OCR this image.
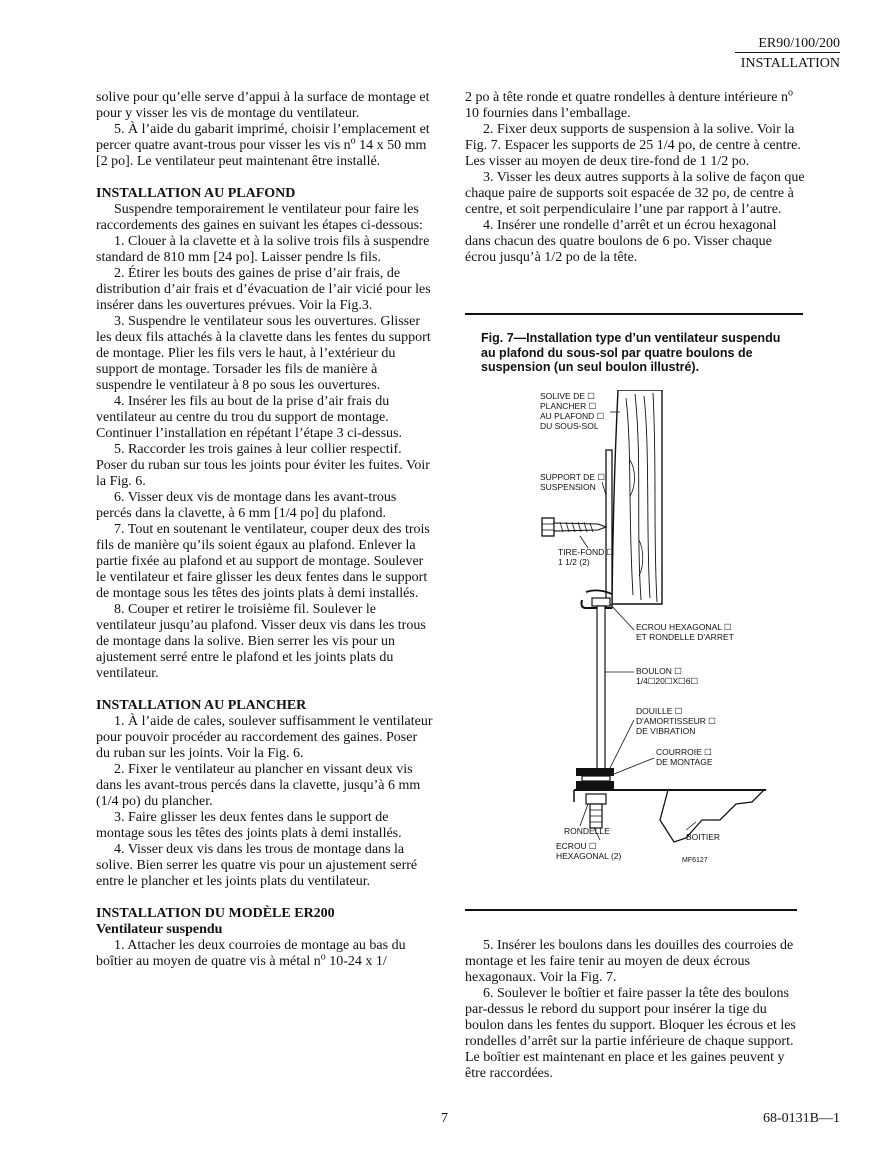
ER90/100/200
INSTALLATION

solive pour qu’elle serve d’appui à la surface de montage et pour y visser les vis de montage du ventilateur.

5. À l’aide du gabarit imprimé, choisir l’emplacement et percer quatre avant-trous pour visser les vis $n^o$ 14 x 50 mm [2 po]. Le ventilateur peut maintenant être installé.

INSTALLATION AU PLAFOND

Suspendre temporairement le ventilateur pour faire les raccordements des gaines en suivant les étapes ci-dessous:

1. Clouer à la clavette et à la solive trois fils à suspendre standard de 810 mm [24 po]. Laisser pendre ls fils.

2. Étirer les bouts des gaines de prise d’air frais, de distribution d’air frais et d’évacuation de l’air vicié pour les insérer dans les ouvertures prévues. Voir la Fig.3.

3. Suspendre le ventilateur sous les ouvertures. Glisser les deux fils attachés à la clavette dans les fentes du support de montage. Plier les fils vers le haut, à l’extérieur du support de montage. Torsader les fils de manière à suspendre le ventilateur à 8 po sous les ouvertures.

4. Insérer les fils au bout de la prise d’air frais du ventilateur au centre du trou du support de montage. Continuer l’installation en répétant l’étape 3 ci-dessus.

5. Raccorder les trois gaines à leur collier respectif. Poser du ruban sur tous les joints pour éviter les fuites. Voir la Fig. 6.

6. Visser deux vis de montage dans les avant-trous percés dans la clavette, à 6 mm [1/4 po] du plafond.

7. Tout en soutenant le ventilateur, couper deux des trois fils de manière qu’ils soient égaux au plafond. Enlever la partie fixée au plafond et au support de montage. Soulever le ventilateur et faire glisser les deux fentes dans le support de montage sous les têtes des joints plats à demi installés.

8. Couper et retirer le troisième fil. Soulever le ventilateur jusqu’au plafond. Visser deux vis dans les trous de montage dans la solive. Bien serrer les vis pour un ajustement serré entre le plafond et les joints plats du ventilateur.

INSTALLATION AU PLANCHER

1. À l’aide de cales, soulever suffisamment le ventilateur pour pouvoir procéder au raccordement des gaines. Poser du ruban sur les joints. Voir la Fig. 6.

2. Fixer le ventilateur au plancher en vissant deux vis dans les avant-trous percés dans la clavette, jusqu’à 6 mm (1/4 po) du plancher.

3. Faire glisser les deux fentes dans le support de montage sous les têtes des joints plats à demi installés.

4. Visser deux vis dans les trous de montage dans la solive. Bien serrer les quatre vis pour un ajustement serré entre le plancher et les joints plats du ventilateur.

INSTALLATION DU MODÈLE ER200
Ventilateur suspendu

1. Attacher les deux courroies de montage au bas du boîtier au moyen de quatre vis à métal $n^o$ 10-24 x 1/

2 po à tête ronde et quatre rondelles à denture intérieure $n^o$ 10 fournies dans l’emballage.

2. Fixer deux supports de suspension à la solive. Voir la Fig. 7. Espacer les supports de 25 1/4 po, de centre à centre. Les visser au moyen de deux tire-fond de 1 1/2 po.

3. Visser les deux autres supports à la solive de façon que chaque paire de supports soit espacée de 32 po, de centre à centre, et soit perpendiculaire l’une par rapport à l’autre.

4. Insérer une rondelle d’arrêt et un écrou hexagonal dans chacun des quatre boulons de 6 po. Visser chaque écrou jusqu’à 1/2 po de la tête.

Fig. 7—Installation type d’un ventilateur suspendu au plafond du sous-sol par quatre boulons de suspension (un seul boulon illustré).
SOLIVE DE ☐
PLANCHER ☐
AU PLAFOND ☐
DU SOUS-SOL
SUPPORT DE ☐
SUSPENSION
TIRE-FOND ☐
1 1/2 (2)
ECROU HEXAGONAL ☐
ET RONDELLE D'ARRET
BOULON ☐
1/4☐20☐X☐6☐
DOUILLE ☐
D'AMORTISSEUR ☐
DE VIBRATION
COURROIE ☐
DE MONTAGE
BOITIER
RONDELLE
ECROU ☐
HEXAGONAL (2)	MF6127

5. Insérer les boulons dans les douilles des courroies de montage et les faire tenir au moyen de deux écrous hexagonaux. Voir la Fig. 7.

6. Soulever le boîtier et faire passer la tête des boulons par-dessus le rebord du support pour insérer la tige du boulon dans les fentes du support. Bloquer les écrous et les rondelles d’arrêt sur la partie inférieure de chaque support. Le boîtier est maintenant en place et les gaines peuvent y être raccordées.

7	68-0131B—1
